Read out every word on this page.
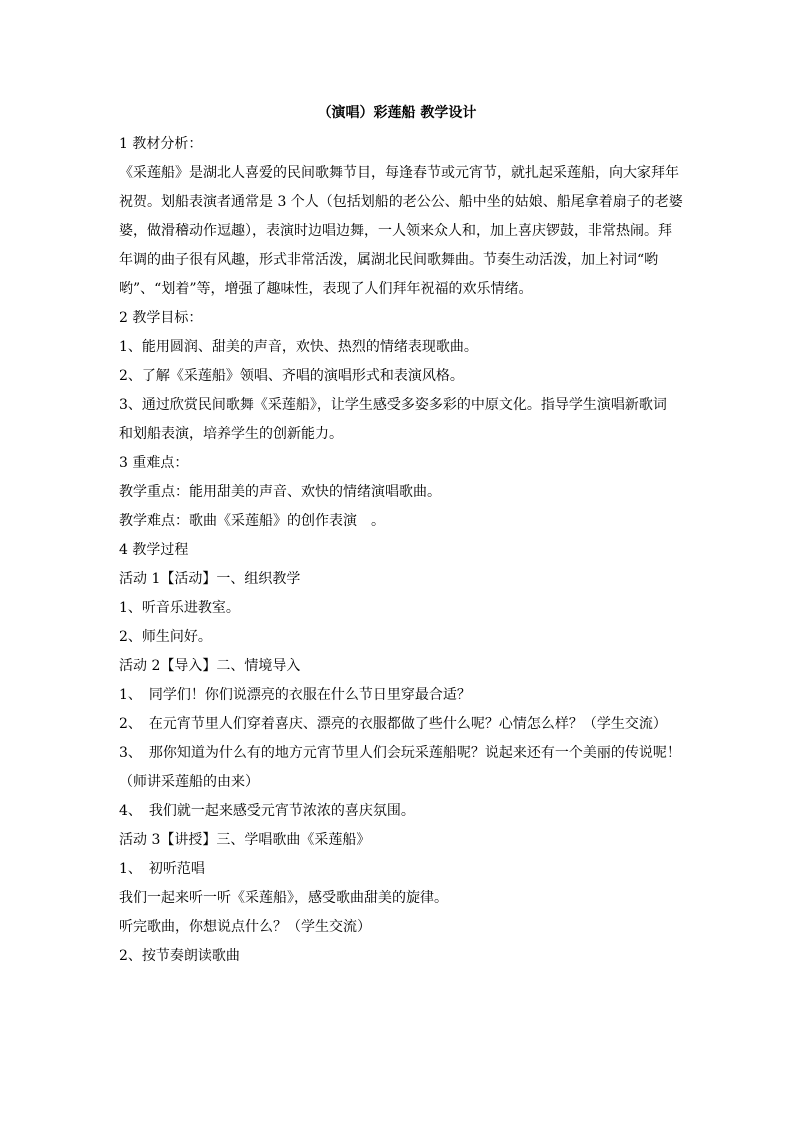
（演唱）彩莲船 教学设计

1 教材分析：

《采莲船》是湖北人喜爱的民间歌舞节目，每逢春节或元宵节，就扎起采莲船，向大家拜年

祝贺。划船表演者通常是 3 个人（包括划船的老公公、船中坐的姑娘、船尾拿着扇子的老婆

婆，做滑稽动作逗趣），表演时边唱边舞，一人领来众人和，加上喜庆锣鼓，非常热闹。拜

年调的曲子很有风趣，形式非常活泼，属湖北民间歌舞曲。节奏生动活泼，加上衬词“哟

哟”、“划着”等，增强了趣味性，表现了人们拜年祝福的欢乐情绪。

2 教学目标：

1、能用圆润、甜美的声音，欢快、热烈的情绪表现歌曲。

2、了解《采莲船》领唱、齐唱的演唱形式和表演风格。

3、通过欣赏民间歌舞《采莲船》，让学生感受多姿多彩的中原文化。指导学生演唱新歌词

和划船表演，培养学生的创新能力。

3 重难点：

教学重点：能用甜美的声音、欢快的情绪演唱歌曲。

教学难点：歌曲《采莲船》的创作表演　。

4 教学过程

活动 1【活动】一、组织教学

1、听音乐进教室。

2、师生问好。

活动 2【导入】二、情境导入

1、　同学们！你们说漂亮的衣服在什么节日里穿最合适？

2、　在元宵节里人们穿着喜庆、漂亮的衣服都做了些什么呢？心情怎么样？（学生交流）

3、　那你知道为什么有的地方元宵节里人们会玩采莲船呢？说起来还有一个美丽的传说呢！

（师讲采莲船的由来）

4、　我们就一起来感受元宵节浓浓的喜庆氛围。

活动 3【讲授】三、学唱歌曲《采莲船》

1、　初听范唱

我们一起来听一听《采莲船》，感受歌曲甜美的旋律。

听完歌曲，你想说点什么？（学生交流）

2、按节奏朗读歌曲
